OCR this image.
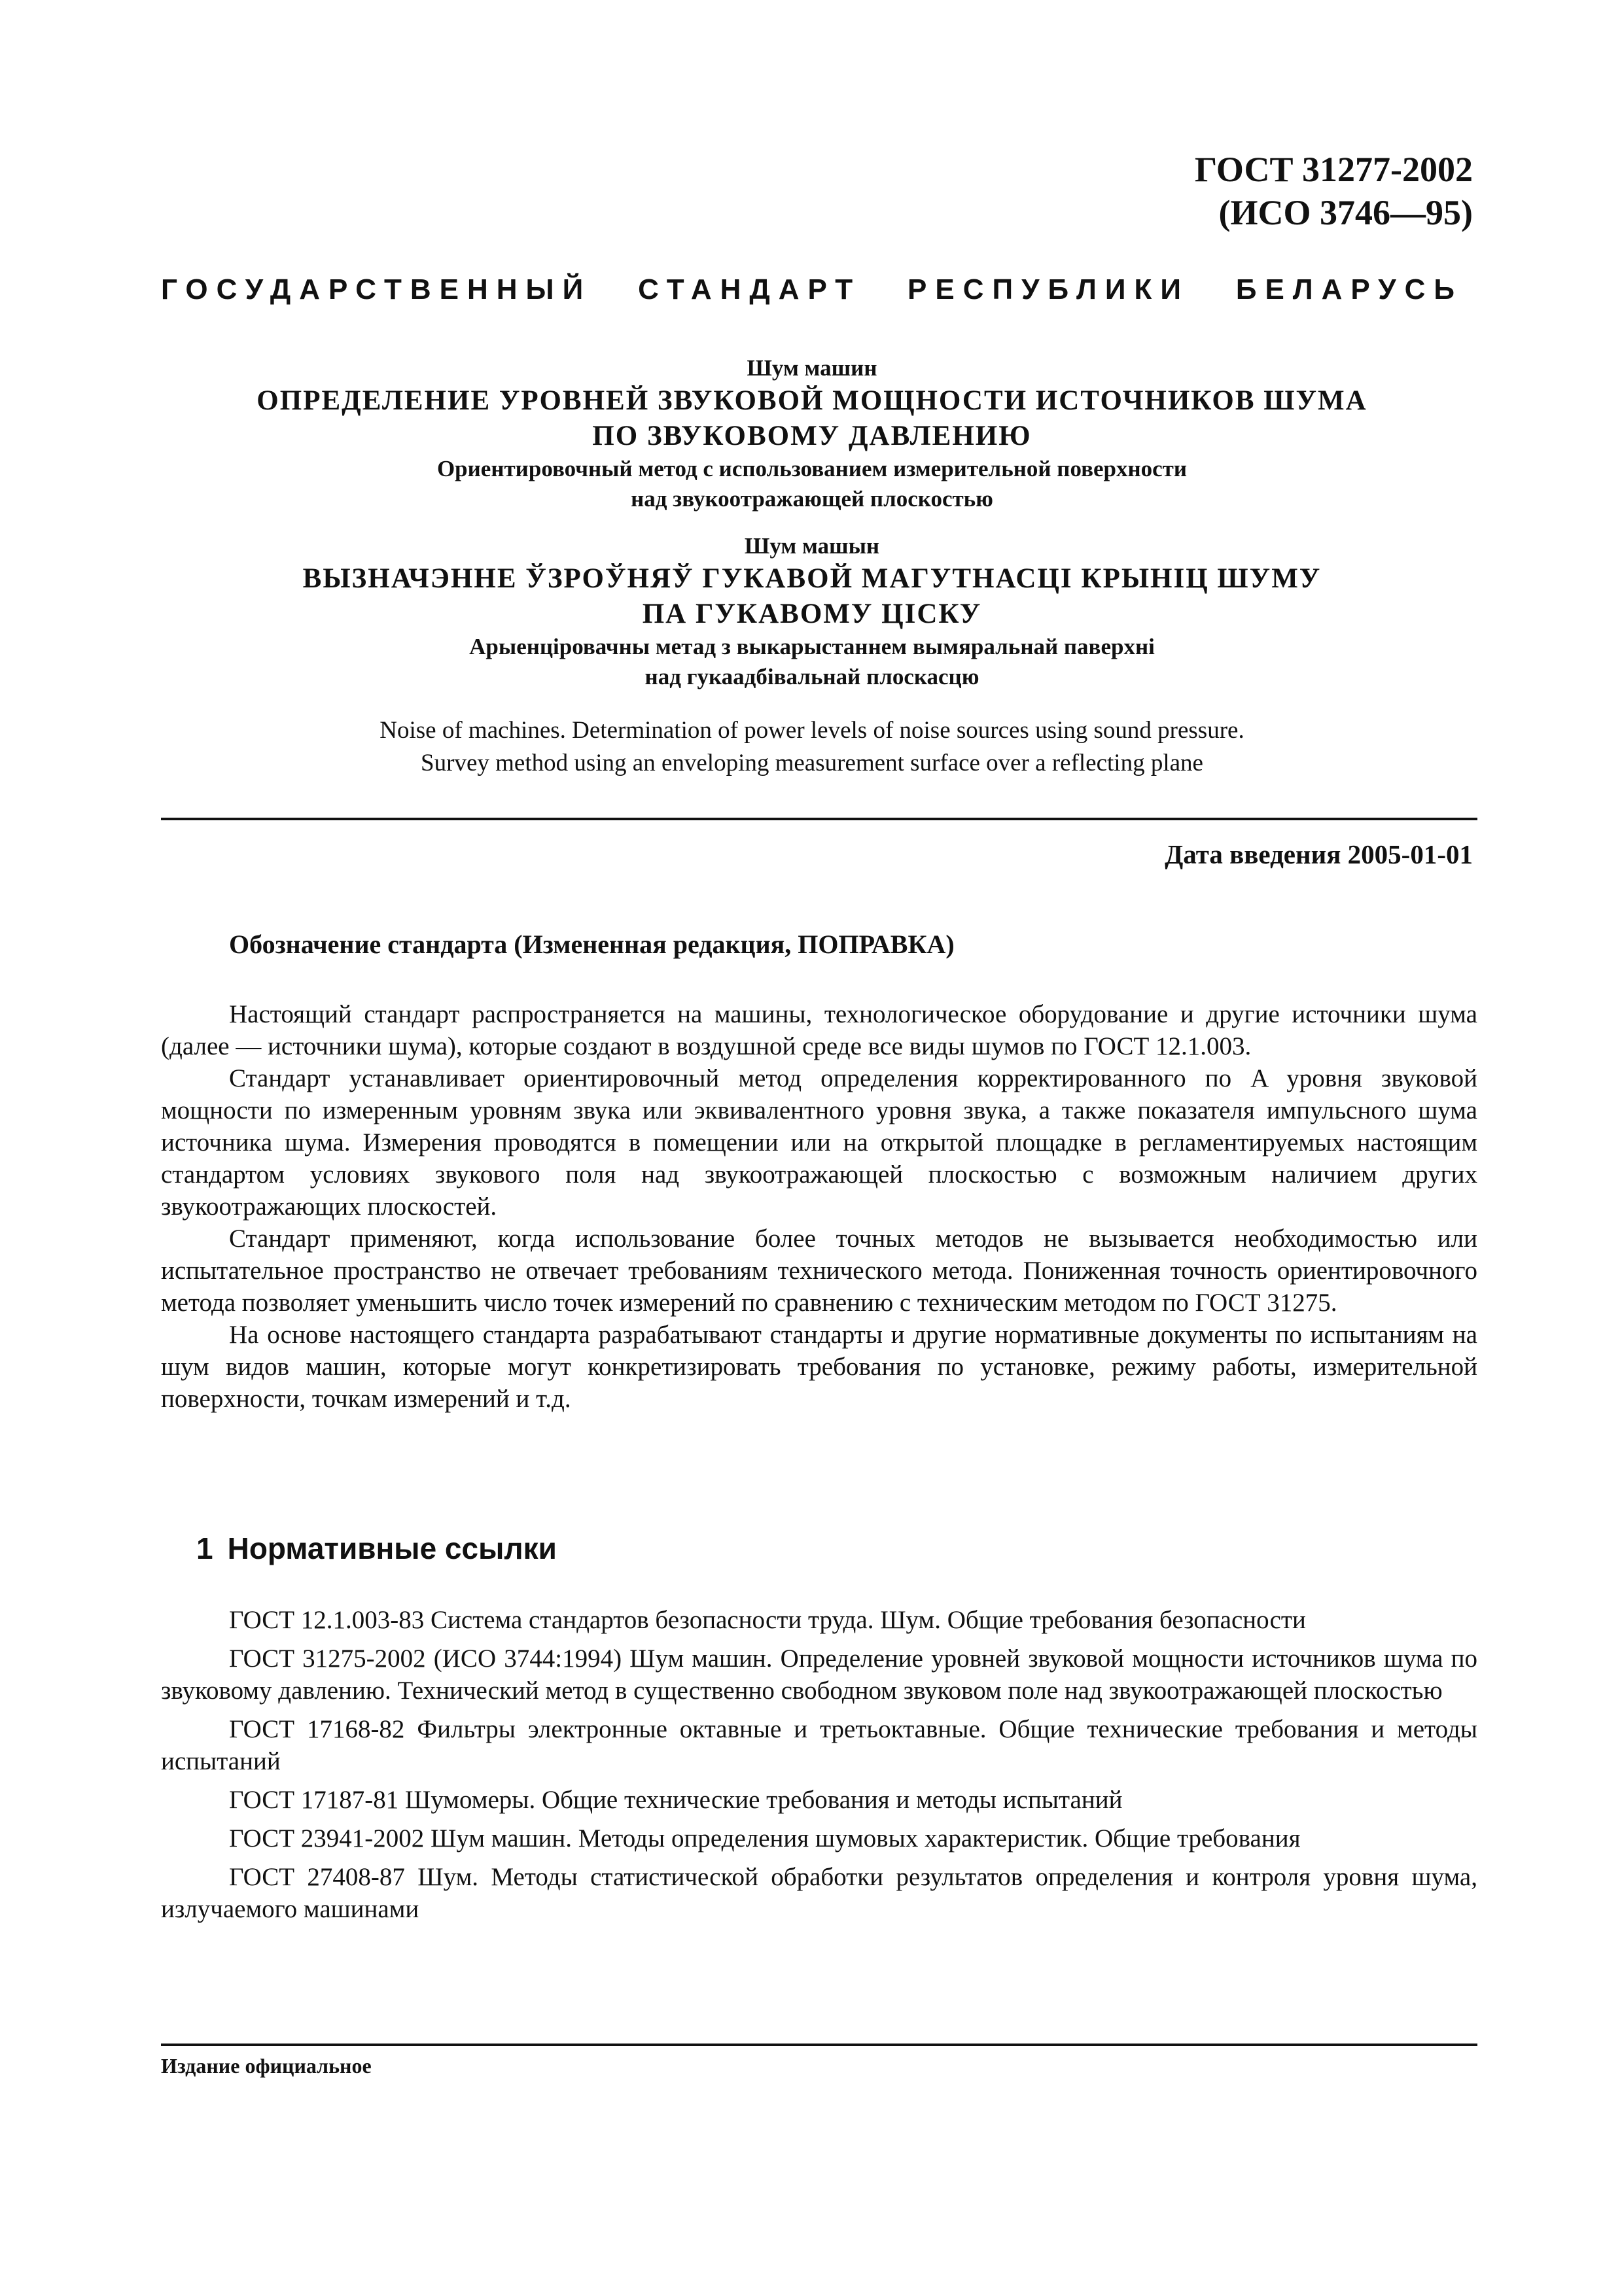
ГОСТ 31277-2002
(ИСО 3746—95)
ГОСУДАРСТВЕННЫЙ СТАНДАРТ РЕСПУБЛИКИ БЕЛАРУСЬ
Шум машин
ОПРЕДЕЛЕНИЕ УРОВНЕЙ ЗВУКОВОЙ МОЩНОСТИ ИСТОЧНИКОВ ШУМА
ПО ЗВУКОВОМУ ДАВЛЕНИЮ
Ориентировочный метод с использованием измерительной поверхности
над звукоотражающей плоскостью
Шум машын
ВЫЗНАЧЭННЕ ЎЗРОЎНЯЎ ГУКАВОЙ МАГУТНАСЦІ КРЫНІЦ ШУМУ
ПА ГУКАВОМУ ЦІСКУ
Арыенціровачны метад з выкарыстаннем вымяральнай паверхні
над гукаадбівальнай плоскасцю
Noise of machines. Determination of power levels of noise sources using sound pressure.
Survey method using an enveloping measurement surface over a reflecting plane
Дата введения 2005-01-01
Обозначение стандарта (Измененная редакция, ПОПРАВКА)

Настоящий стандарт распространяется на машины, технологическое оборудование и другие источники шума (далее — источники шума), которые создают в воздушной среде все виды шумов по ГОСТ 12.1.003.

Стандарт устанавливает ориентировочный метод определения корректированного по A уровня звуковой мощности по измеренным уровням звука или эквивалентного уровня звука, а также показателя импульсного шума источника шума. Измерения проводятся в помещении или на открытой площадке в регламентируемых настоящим стандартом условиях звукового поля над звукоотражающей плоскостью с возможным наличием других звукоотражающих плоскостей.

Стандарт применяют, когда использование более точных методов не вызывается необходимостью или испытательное пространство не отвечает требованиям технического метода. Пониженная точность ориентировочного метода позволяет уменьшить число точек измерений по сравнению с техническим методом по ГОСТ 31275.

На основе настоящего стандарта разрабатывают стандарты и другие нормативные документы по испытаниям на шум видов машин, которые могут конкретизировать требования по установке, режиму работы, измерительной поверхности, точкам измерений и т.д.

1 Нормативные ссылки

ГОСТ 12.1.003-83 Система стандартов безопасности труда. Шум. Общие требования безопасности

ГОСТ 31275-2002 (ИСО 3744:1994) Шум машин. Определение уровней звуковой мощности источников шума по звуковому давлению. Технический метод в существенно свободном звуковом поле над звукоотражающей плоскостью

ГОСТ 17168-82 Фильтры электронные октавные и третьоктавные. Общие технические требования и методы испытаний

ГОСТ 17187-81 Шумомеры. Общие технические требования и методы испытаний

ГОСТ 23941-2002 Шум машин. Методы определения шумовых характеристик. Общие требования

ГОСТ 27408-87 Шум. Методы статистической обработки результатов определения и контроля уровня шума, излучаемого машинами

Издание официальное
